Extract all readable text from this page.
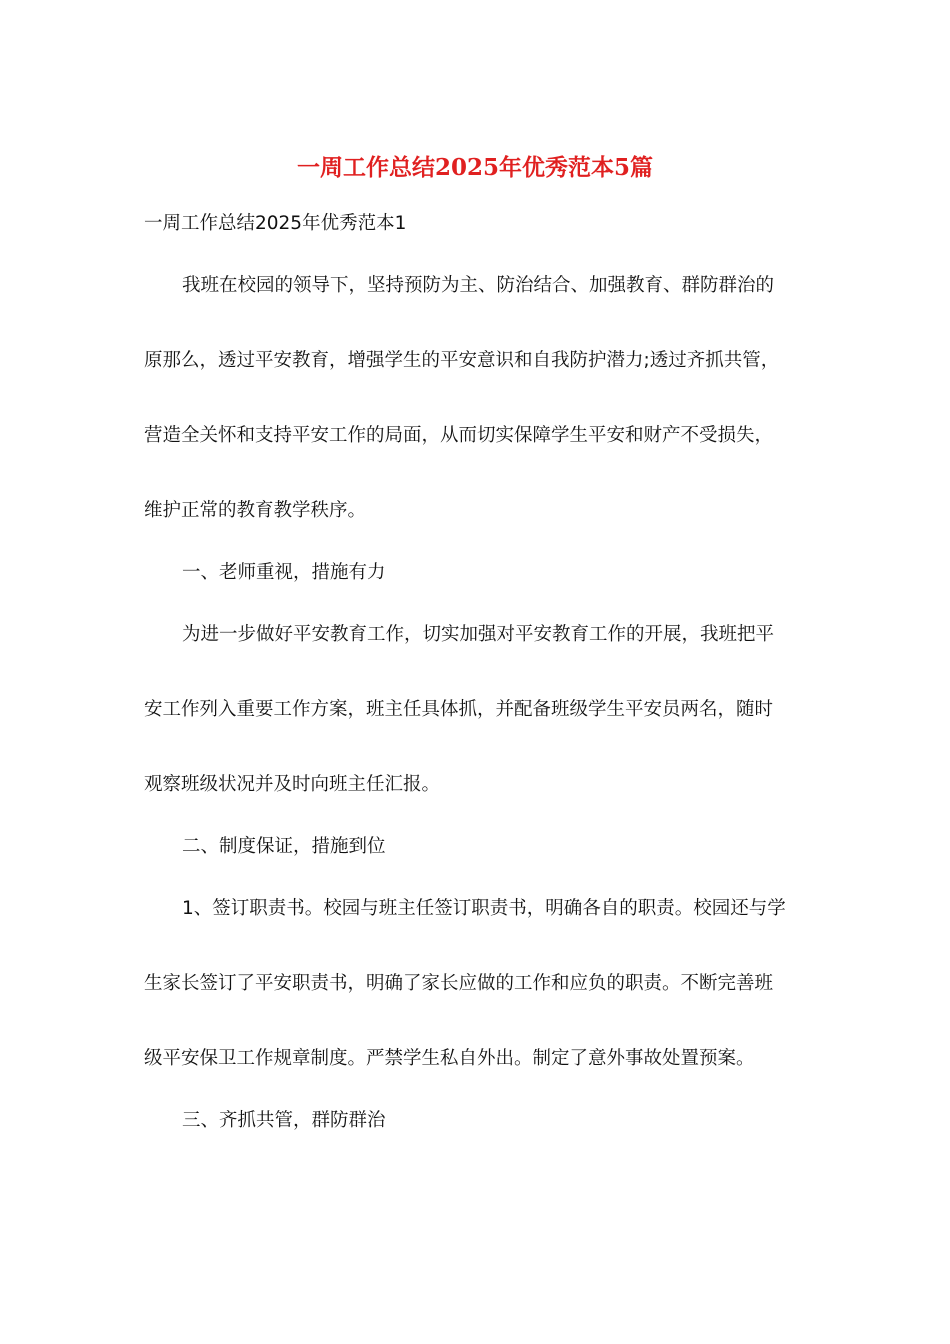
一周工作总结2025年优秀范本5篇

一周工作总结2025年优秀范本1

我班在校园的领导下，坚持预防为主、防治结合、加强教育、群防群治的

原那么，透过平安教育，增强学生的平安意识和自我防护潜力;透过齐抓共管，

营造全关怀和支持平安工作的局面，从而切实保障学生平安和财产不受损失，

维护正常的教育教学秩序。

一、老师重视，措施有力

为进一步做好平安教育工作，切实加强对平安教育工作的开展，我班把平

安工作列入重要工作方案，班主任具体抓，并配备班级学生平安员两名，随时

观察班级状况并及时向班主任汇报。

二、制度保证，措施到位

1、签订职责书。校园与班主任签订职责书，明确各自的职责。校园还与学

生家长签订了平安职责书，明确了家长应做的工作和应负的职责。不断完善班

级平安保卫工作规章制度。严禁学生私自外出。制定了意外事故处置预案。

三、齐抓共管，群防群治
